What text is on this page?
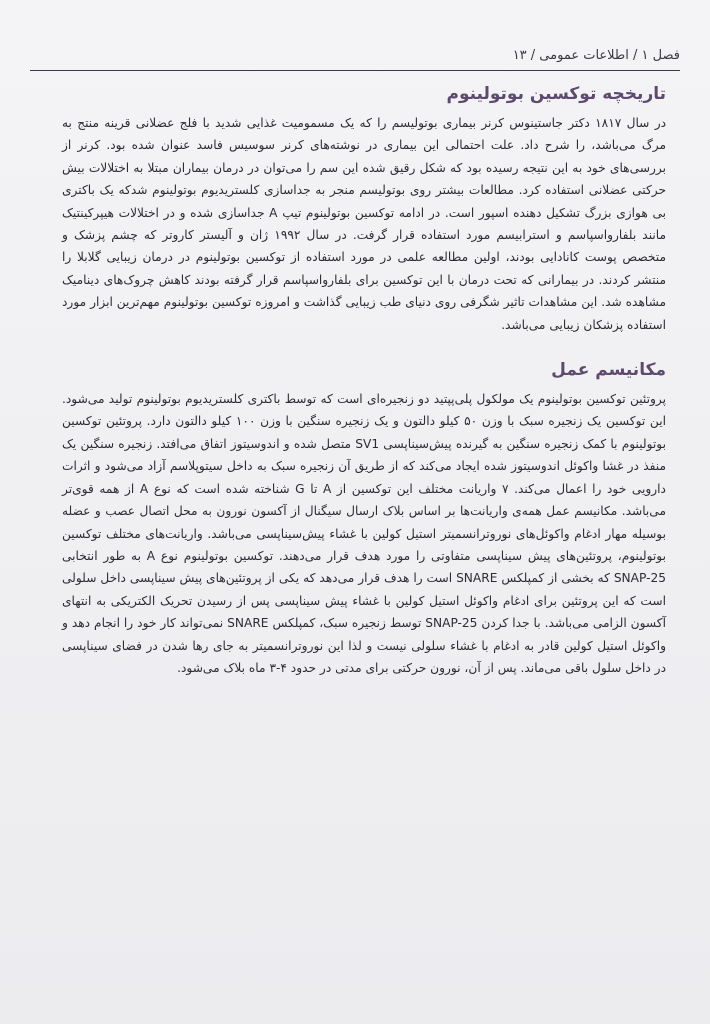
فصل ۱ / اطلاعات عمومی / ۱۳
تاریخچه توکسین بوتولینوم

در سال ۱۸۱۷ دکتر جاستینوس کرنر بیماری بوتولیسم را که یک مسمومیت غذایی شدید با فلج عضلانی قرینه منتج به مرگ می‌باشد، را شرح داد. علت احتمالی این بیماری در نوشته‌های کرنر سوسیس فاسد عنوان شده بود. کرنر از بررسی‌های خود به این نتیجه رسیده بود که شکل رقیق شده این سم را می‌توان در درمان بیماران مبتلا به اختلالات بیش حرکتی عضلانی استفاده کرد. مطالعات بیشتر روی بوتولیسم منجر به جداسازی کلستریدیوم بوتولینوم شدکه یک باکتری بی هوازی بزرگ تشکیل دهنده اسپور است. در ادامه توکسین بوتولینوم تیپ A جداسازی شده و در اختلالات هیپرکینتیک مانند بلفارواسپاسم و استرابیسم مورد استفاده قرار گرفت. در سال ۱۹۹۲ ژان و آلیستر کاروتر که چشم پزشک و متخصص پوست کانادایی بودند، اولین مطالعه علمی در مورد استفاده از توکسین بوتولینوم در درمان زیبایی گلابلا را منتشر کردند. در بیمارانی که تحت درمان با این توکسین برای بلفارواسپاسم قرار گرفته بودند کاهش چروک‌های دینامیک مشاهده شد. این مشاهدات تاثیر شگرفی روی دنیای طب زیبایی گذاشت و امروزه توکسین بوتولینوم مهم‌ترین ابزار مورد استفاده پزشکان زیبایی می‌باشد.

مکانیسم عمل

پروتئین توکسین بوتولینوم یک مولکول پلی‌پپتید دو زنجیره‌ای است که توسط باکتری کلستریدیوم بوتولینوم تولید می‌شود. این توکسین یک زنجیره سبک با وزن ۵۰ کیلو دالتون و یک زنجیره سنگین با وزن ۱۰۰ کیلو دالتون دارد. پروتئین توکسین بوتولینوم با کمک زنجیره سنگین به گیرنده پیش‌سیناپسی SV1 متصل شده و اندوسیتوز اتفاق می‌افتد. زنجیره سنگین یک منفذ در غشا واکوئل اندوسیتوز شده ایجاد می‌کند که از طریق آن زنجیره سبک به داخل سیتوپلاسم آزاد می‌شود و اثرات دارویی خود را اعمال می‌کند. ۷ واریانت مختلف این توکسین از A تا G شناخته شده است که نوع A از همه قوی‌تر می‌باشد. مکانیسم عمل همه‌ی واریانت‌ها بر اساس بلاک ارسال سیگنال از آکسون نورون به محل اتصال عصب و عضله بوسیله مهار ادغام واکوئل‌های نوروترانسمیتر استیل کولین با غشاء پیش‌سیناپسی می‌باشد. واریانت‌های مختلف توکسین بوتولینوم، پروتئین‌های پیش سیناپسی متفاوتی را مورد هدف قرار می‌دهند. توکسین بوتولینوم نوع A به طور انتخابی SNAP-25 که بخشی از کمپلکس SNARE است را هدف قرار می‌دهد که یکی از پروتئین‌های پیش سیناپسی داخل سلولی است که این پروتئین برای ادغام واکوئل استیل کولین با غشاء پیش سیناپسی پس از رسیدن تحریک الکتریکی به انتهای آکسون الزامی می‌باشد. با جدا کردن SNAP-25 توسط زنجیره سبک، کمپلکس SNARE نمی‌تواند کار خود را انجام دهد و واکوئل استیل کولین قادر به ادغام با غشاء سلولی نیست و لذا این نوروترانسمیتر به جای رها شدن در فضای سیناپسی در داخل سلول باقی می‌ماند. پس از آن، نورون حرکتی برای مدتی در حدود ۴-۳ ماه بلاک می‌شود.
